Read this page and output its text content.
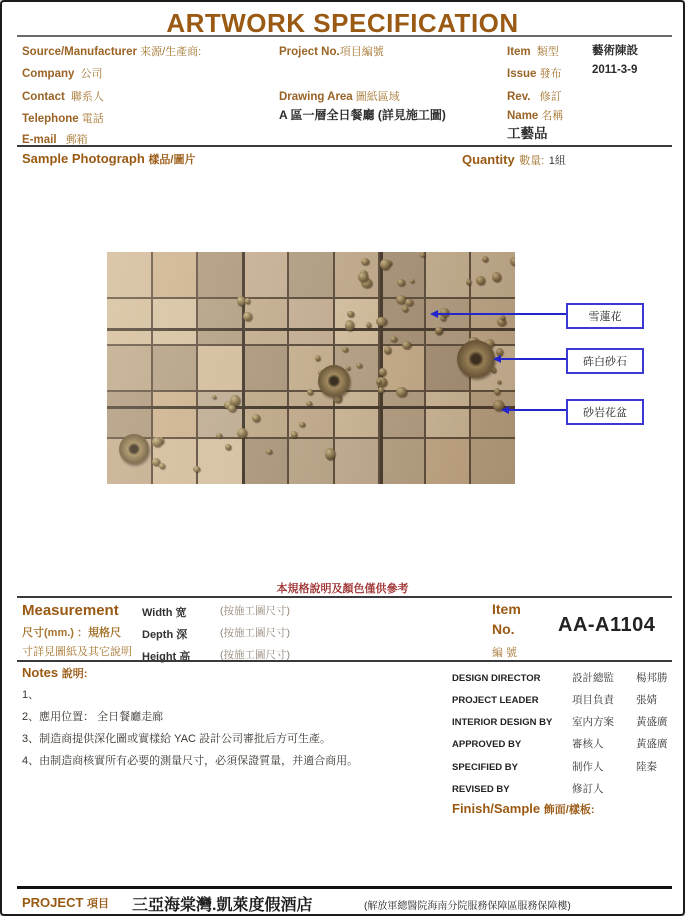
ARTWORK SPECIFICATION
Source/Manufacturer 来源/生產商:
Company 公司
Contact 聯系人
Telephone 電話
E-mail 郵箱
Project No.項目編號
Drawing Area 圖紙區域
A 區一層全日餐廳 (詳見施工圖)
Item 類型	藝術陳設
Issue 發布	2011-3-9
Rev. 修訂
Name 名稱
工藝品
Sample Photograph 樣品/圖片	Quantity 數量: 1組
雪蓮花
砗白砂石
砂岩花盆
本規格說明及顏色僅供參考
Measurement
尺寸(mm.) ：規格尺
寸詳見圖紙及其它說明
Width 宽	(按施工圖尺寸)
Depth 深	(按施工圖尺寸)
Height 高	(按施工圖尺寸)
Item
No.
編 號
AA-A1104
Notes 說明:
1、
2、應用位置： 全日餐廳走廊
3、制造商提供深化圖或實樣給 YAC 設計公司審批后方可生產。
4、由制造商核實所有必要的測量尺寸，必須保證質量，并適合商用。
DESIGN DIRECTOR	設計總監	楊邦勝
PROJECT LEADER	項目負責	張婧
INTERIOR DESIGN BY	室内方案	黃盛廣
APPROVED BY	審核人	黃盛廣
SPECIFIED BY	制作人	陸秦
REVISED BY	修訂人
Finish/Sample 飾面/樣板:
PROJECT 項目 三亞海棠灣.凱萊度假酒店	(解放軍總醫院海南分院服務保障區服務保障樓)
